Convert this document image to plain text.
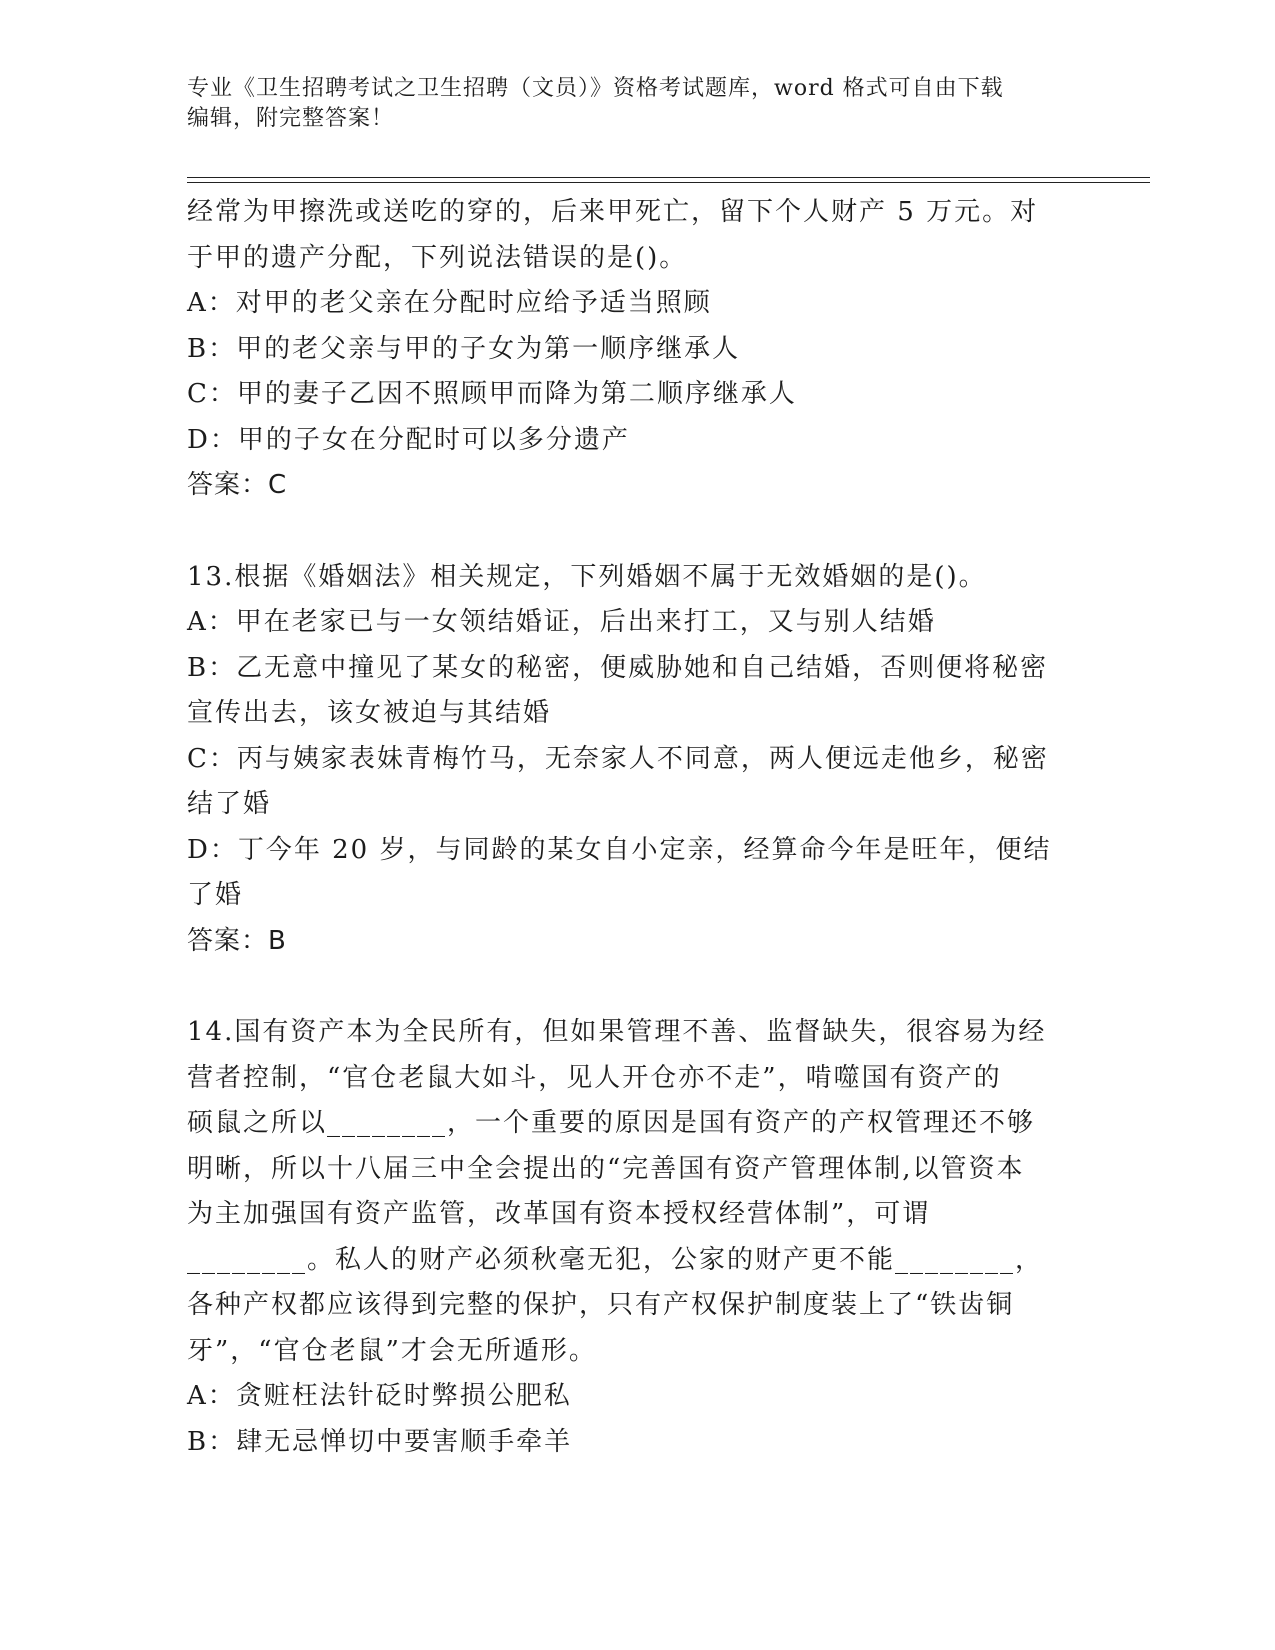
专业《卫生招聘考试之卫生招聘（文员）》资格考试题库，word 格式可自由下载
编辑，附完整答案！

经常为甲擦洗或送吃的穿的，后来甲死亡，留下个人财产 5 万元。对

于甲的遗产分配，下列说法错误的是()。

A：对甲的老父亲在分配时应给予适当照顾

B：甲的老父亲与甲的子女为第一顺序继承人

C：甲的妻子乙因不照顾甲而降为第二顺序继承人

D：甲的子女在分配时可以多分遗产

答案：C

13.根据《婚姻法》相关规定，下列婚姻不属于无效婚姻的是()。

A：甲在老家已与一女领结婚证，后出来打工，又与别人结婚

B：乙无意中撞见了某女的秘密，便威胁她和自己结婚，否则便将秘密

宣传出去，该女被迫与其结婚

C：丙与姨家表妹青梅竹马，无奈家人不同意，两人便远走他乡，秘密

结了婚

D：丁今年 20 岁，与同龄的某女自小定亲，经算命今年是旺年，便结

了婚

答案：B

14.国有资产本为全民所有，但如果管理不善、监督缺失，很容易为经

营者控制，“官仓老鼠大如斗，见人开仓亦不走”，啃噬国有资产的

硕鼠之所以________，一个重要的原因是国有资产的产权管理还不够

明晰，所以十八届三中全会提出的“完善国有资产管理体制,以管资本

为主加强国有资产监管，改革国有资本授权经营体制”，可谓

________。私人的财产必须秋毫无犯，公家的财产更不能________，

各种产权都应该得到完整的保护，只有产权保护制度装上了“铁齿铜

牙”，“官仓老鼠”才会无所遁形。

A：贪赃枉法针砭时弊损公肥私

B：肆无忌惮切中要害顺手牵羊
